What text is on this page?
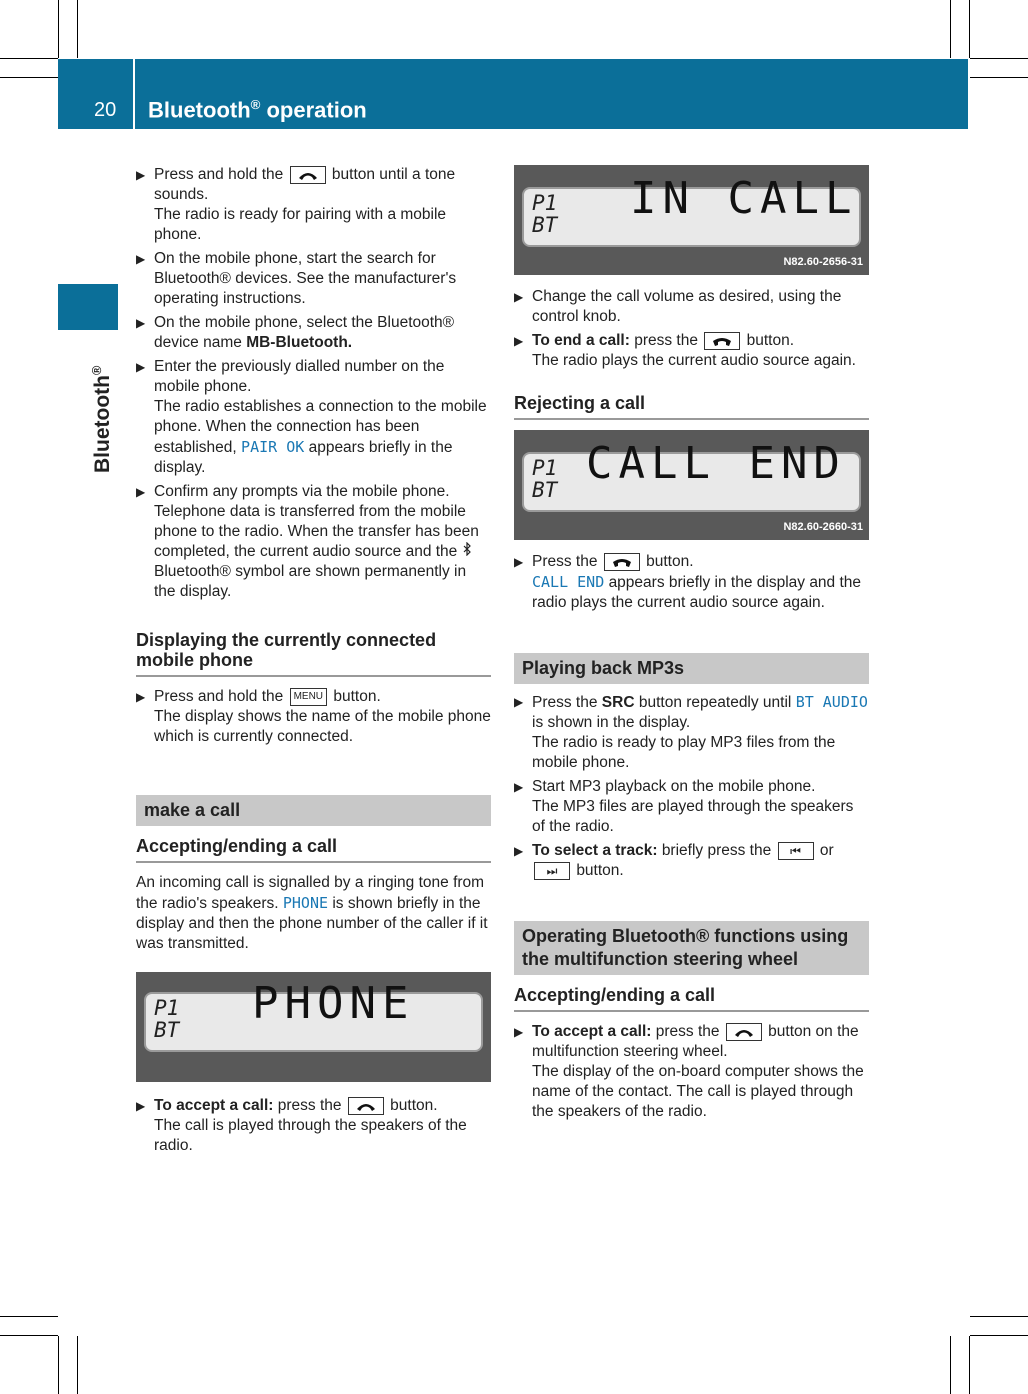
20 Bluetooth® operation
Bluetooth®
▶ Press and hold the	button until a tone sounds.

The radio is ready for pairing with a mobile phone.

▶ On the mobile phone, start the search for Bluetooth® devices. See the manufacturer's operating instructions.

▶ On the mobile phone, select the Bluetooth® device name MB-Bluetooth.

▶ Enter the previously dialled number on the mobile phone.

The radio establishes a connection to the mobile phone. When the connection has been established, PAIR OK appears briefly in the display.

▶ Confirm any prompts via the mobile phone.

Telephone data is transferred from the mobile phone to the radio. When the transfer has been completed, the current audio source and the  Bluetooth® symbol are shown permanently in the display.

Displaying the currently connected mobile phone

▶ Press and hold the MENU button.

The display shows the name of the mobile phone which is currently connected.

make a call

Accepting/ending a call

An incoming call is signalled by a ringing tone from the radio's speakers. PHONE is shown briefly in the display and then the phone number of the caller if it was transmitted.

P1
BT
PHONE
▶ To accept a call: press the	button.

The call is played through the speakers of the radio.

P1
BT
IN CALL
N82.60-2656-31
▶ Change the call volume as desired, using the control knob.

▶ To end a call: press the	button.

The radio plays the current audio source again.

Rejecting a call

P1
BT
CALL END
N82.60-2660-31
▶ Press the	button.

CALL END appears briefly in the display and the radio plays the current audio source again.

Playing back MP3s
▶ Press the SRC button repeatedly until BT AUDIO is shown in the display.

The radio is ready to play MP3 files from the mobile phone.

▶ Start MP3 playback on the mobile phone.

The MP3 files are played through the speakers of the radio.

▶ To select a track: briefly press the ⏮ or ⏭ button.

Operating Bluetooth® functions using the multifunction steering wheel

Accepting/ending a call

▶ To accept a call: press the	button on the multifunction steering wheel.

The display of the on-board computer shows the name of the contact. The call is played through the speakers of the radio.
